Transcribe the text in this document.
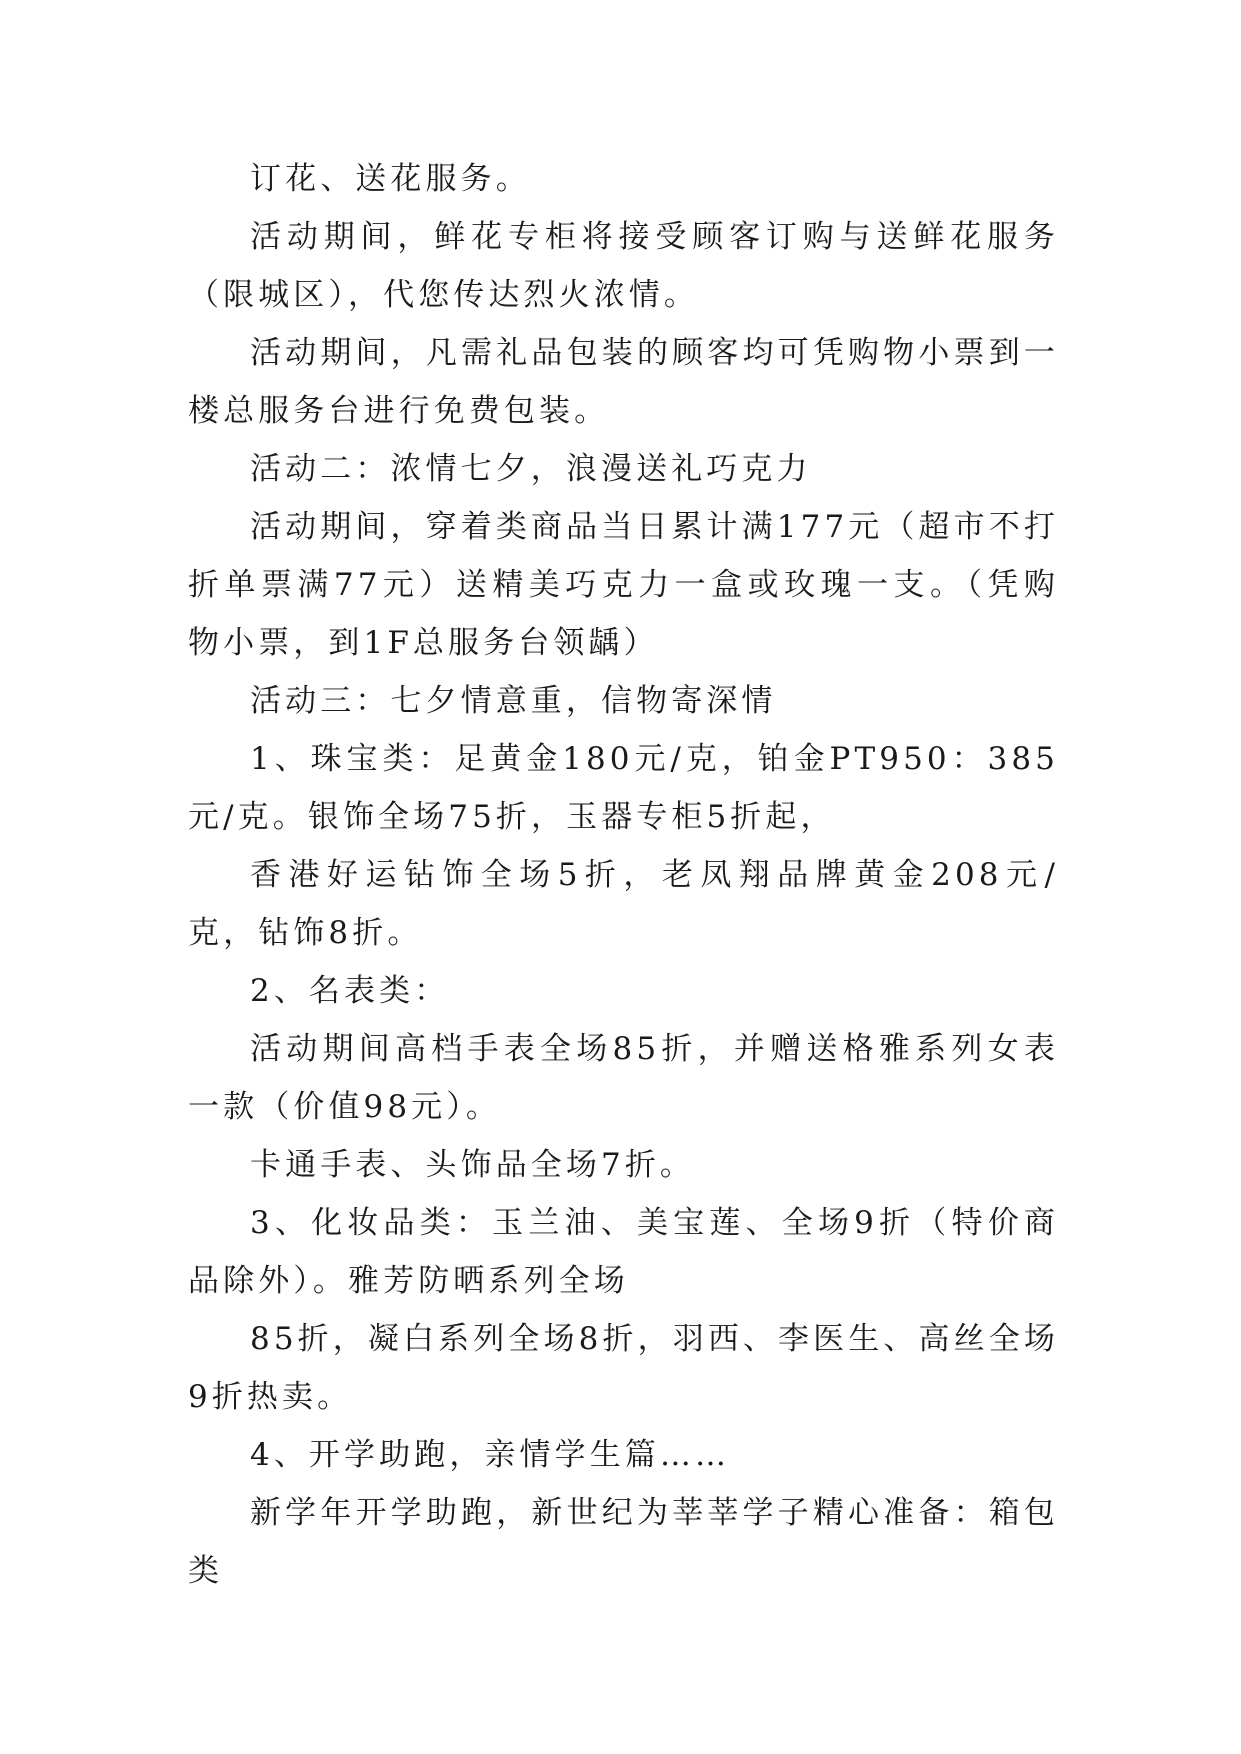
订花、送花服务。

活动期间，鲜花专柜将接受顾客订购与送鲜花服务（限城区），代您传达烈火浓情。

活动期间，凡需礼品包装的顾客均可凭购物小票到一楼总服务台进行免费包装。

活动二：浓情七夕，浪漫送礼巧克力

活动期间，穿着类商品当日累计满177元（超市不打折单票满77元）送精美巧克力一盒或玫瑰一支。（凭购物小票，到1F总服务台领龋）

活动三：七夕情意重，信物寄深情

1、珠宝类：足黄金180元/克，铂金PT950：385元/克。银饰全场75折，玉器专柜5折起，

香港好运钻饰全场5折，老凤翔品牌黄金208元/克，钻饰8折。

2、名表类：

活动期间高档手表全场85折，并赠送格雅系列女表一款（价值98元）。

卡通手表、头饰品全场7折。

3、化妆品类：玉兰油、美宝莲、全场9折（特价商品除外）。雅芳防晒系列全场

85折，凝白系列全场8折，羽西、李医生、高丝全场9折热卖。

4、开学助跑，亲情学生篇……

新学年开学助跑，新世纪为莘莘学子精心准备：箱包类
